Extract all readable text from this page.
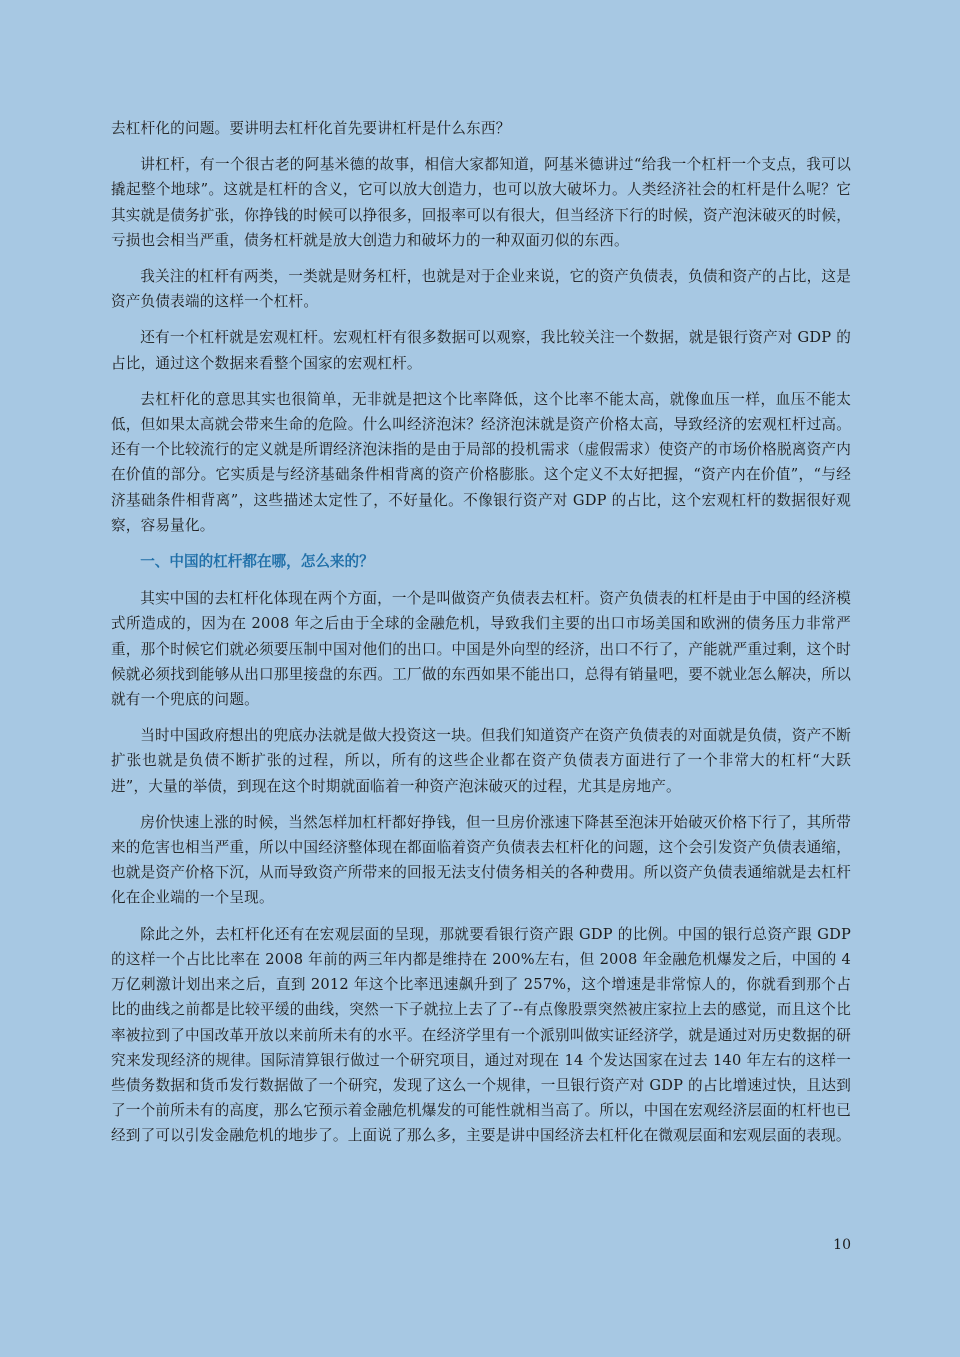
去杠杆化的问题。要讲明去杠杆化首先要讲杠杆是什么东西？

讲杠杆，有一个很古老的阿基米德的故事，相信大家都知道，阿基米德讲过“给我一个杠杆一个支点，我可以撬起整个地球”。这就是杠杆的含义，它可以放大创造力，也可以放大破坏力。人类经济社会的杠杆是什么呢？它其实就是债务扩张，你挣钱的时候可以挣很多，回报率可以有很大，但当经济下行的时候，资产泡沫破灭的时候，亏损也会相当严重，债务杠杆就是放大创造力和破坏力的一种双面刃似的东西。

我关注的杠杆有两类，一类就是财务杠杆，也就是对于企业来说，它的资产负债表，负债和资产的占比，这是资产负债表端的这样一个杠杆。

还有一个杠杆就是宏观杠杆。宏观杠杆有很多数据可以观察，我比较关注一个数据，就是银行资产对 GDP 的占比，通过这个数据来看整个国家的宏观杠杆。

去杠杆化的意思其实也很简单，无非就是把这个比率降低，这个比率不能太高，就像血压一样，血压不能太低，但如果太高就会带来生命的危险。什么叫经济泡沫？经济泡沫就是资产价格太高，导致经济的宏观杠杆过高。还有一个比较流行的定义就是所谓经济泡沫指的是由于局部的投机需求（虚假需求）使资产的市场价格脱离资产内在价值的部分。它实质是与经济基础条件相背离的资产价格膨胀。这个定义不太好把握，“资产内在价值”，“与经济基础条件相背离”，这些描述太定性了，不好量化。不像银行资产对 GDP 的占比，这个宏观杠杆的数据很好观察，容易量化。

一、中国的杠杆都在哪，怎么来的？

其实中国的去杠杆化体现在两个方面，一个是叫做资产负债表去杠杆。资产负债表的杠杆是由于中国的经济模式所造成的，因为在 2008 年之后由于全球的金融危机，导致我们主要的出口市场美国和欧洲的债务压力非常严重，那个时候它们就必须要压制中国对他们的出口。中国是外向型的经济，出口不行了，产能就严重过剩，这个时候就必须找到能够从出口那里接盘的东西。工厂做的东西如果不能出口，总得有销量吧，要不就业怎么解决，所以就有一个兜底的问题。

当时中国政府想出的兜底办法就是做大投资这一块。但我们知道资产在资产负债表的对面就是负债，资产不断扩张也就是负债不断扩张的过程，所以，所有的这些企业都在资产负债表方面进行了一个非常大的杠杆“大跃进”，大量的举债，到现在这个时期就面临着一种资产泡沫破灭的过程，尤其是房地产。

房价快速上涨的时候，当然怎样加杠杆都好挣钱，但一旦房价涨速下降甚至泡沫开始破灭价格下行了，其所带来的危害也相当严重，所以中国经济整体现在都面临着资产负债表去杠杆化的问题，这个会引发资产负债表通缩，也就是资产价格下沉，从而导致资产所带来的回报无法支付债务相关的各种费用。所以资产负债表通缩就是去杠杆化在企业端的一个呈现。

除此之外，去杠杆化还有在宏观层面的呈现，那就要看银行资产跟 GDP 的比例。中国的银行总资产跟 GDP 的这样一个占比比率在 2008 年前的两三年内都是维持在 200%左右，但 2008 年金融危机爆发之后，中国的 4 万亿刺激计划出来之后，直到 2012 年这个比率迅速飙升到了 257%，这个增速是非常惊人的，你就看到那个占比的曲线之前都是比较平缓的曲线，突然一下子就拉上去了了--有点像股票突然被庄家拉上去的感觉，而且这个比率被拉到了中国改革开放以来前所未有的水平。在经济学里有一个派别叫做实证经济学，就是通过对历史数据的研究来发现经济的规律。国际清算银行做过一个研究项目，通过对现在 14 个发达国家在过去 140 年左右的这样一些债务数据和货币发行数据做了一个研究，发现了这么一个规律，一旦银行资产对 GDP 的占比增速过快，且达到了一个前所未有的高度，那么它预示着金融危机爆发的可能性就相当高了。所以，中国在宏观经济层面的杠杆也已经到了可以引发金融危机的地步了。上面说了那么多，主要是讲中国经济去杠杆化在微观层面和宏观层面的表现。

10
